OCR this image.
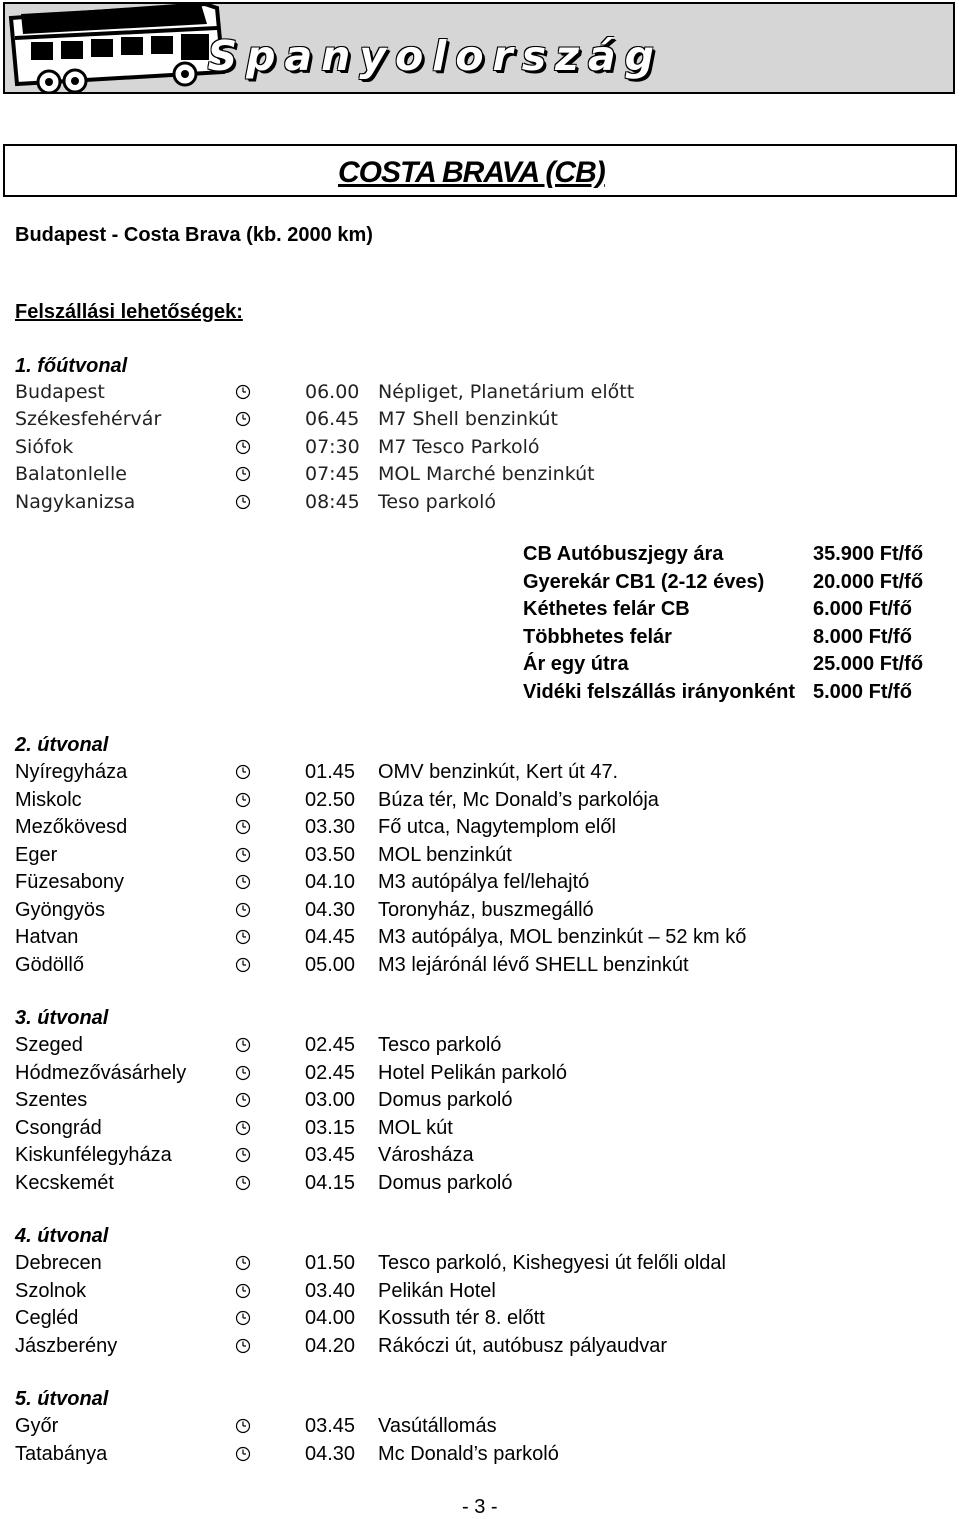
Spanyolország
COSTA BRAVA (CB)
Budapest - Costa Brava (kb. 2000 km)
Felszállási lehetőségek:
1. főútvonal
Budapest	06.00 Népliget, Planetárium előtt
Székesfehérvár	06.45 M7 Shell benzinkút
Siófok	07:30 M7 Tesco Parkoló
Balatonlelle	07:45 MOL Marché benzinkút
Nagykanizsa	08:45 Teso parkoló
CB Autóbuszjegy ára	35.900 Ft/fő
Gyerekár CB1 (2-12 éves) 20.000 Ft/fő
Kéthetes felár CB	6.000 Ft/fő
Többhetes felár	8.000 Ft/fő
Ár egy útra	25.000 Ft/fő
Vidéki felszállás irányonként 5.000 Ft/fő
2. útvonal
Nyíregyháza	01.45 OMV benzinkút, Kert út 47.
Miskolc	02.50 Búza tér, Mc Donald’s parkolója
Mezőkövesd	03.30 Fő utca, Nagytemplom elől
Eger	03.50 MOL benzinkút
Füzesabony	04.10 M3 autópálya fel/lehajtó
Gyöngyös	04.30 Toronyház, buszmegálló
Hatvan	04.45 M3 autópálya, MOL benzinkút – 52 km kő
Gödöllő	05.00 M3 lejárónál lévő SHELL benzinkút
3. útvonal
Szeged	02.45 Tesco parkoló
Hódmezővásárhely	02.45 Hotel Pelikán parkoló
Szentes	03.00 Domus parkoló
Csongrád	03.15 MOL kút
Kiskunfélegyháza	03.45 Városháza
Kecskemét	04.15 Domus parkoló
4. útvonal
Debrecen	01.50 Tesco parkoló, Kishegyesi út felőli oldal
Szolnok	03.40 Pelikán Hotel
Cegléd	04.00 Kossuth tér 8. előtt
Jászberény	04.20 Rákóczi út, autóbusz pályaudvar
5. útvonal
Győr	03.45 Vasútállomás
Tatabánya	04.30 Mc Donald’s parkoló
- 3 -
